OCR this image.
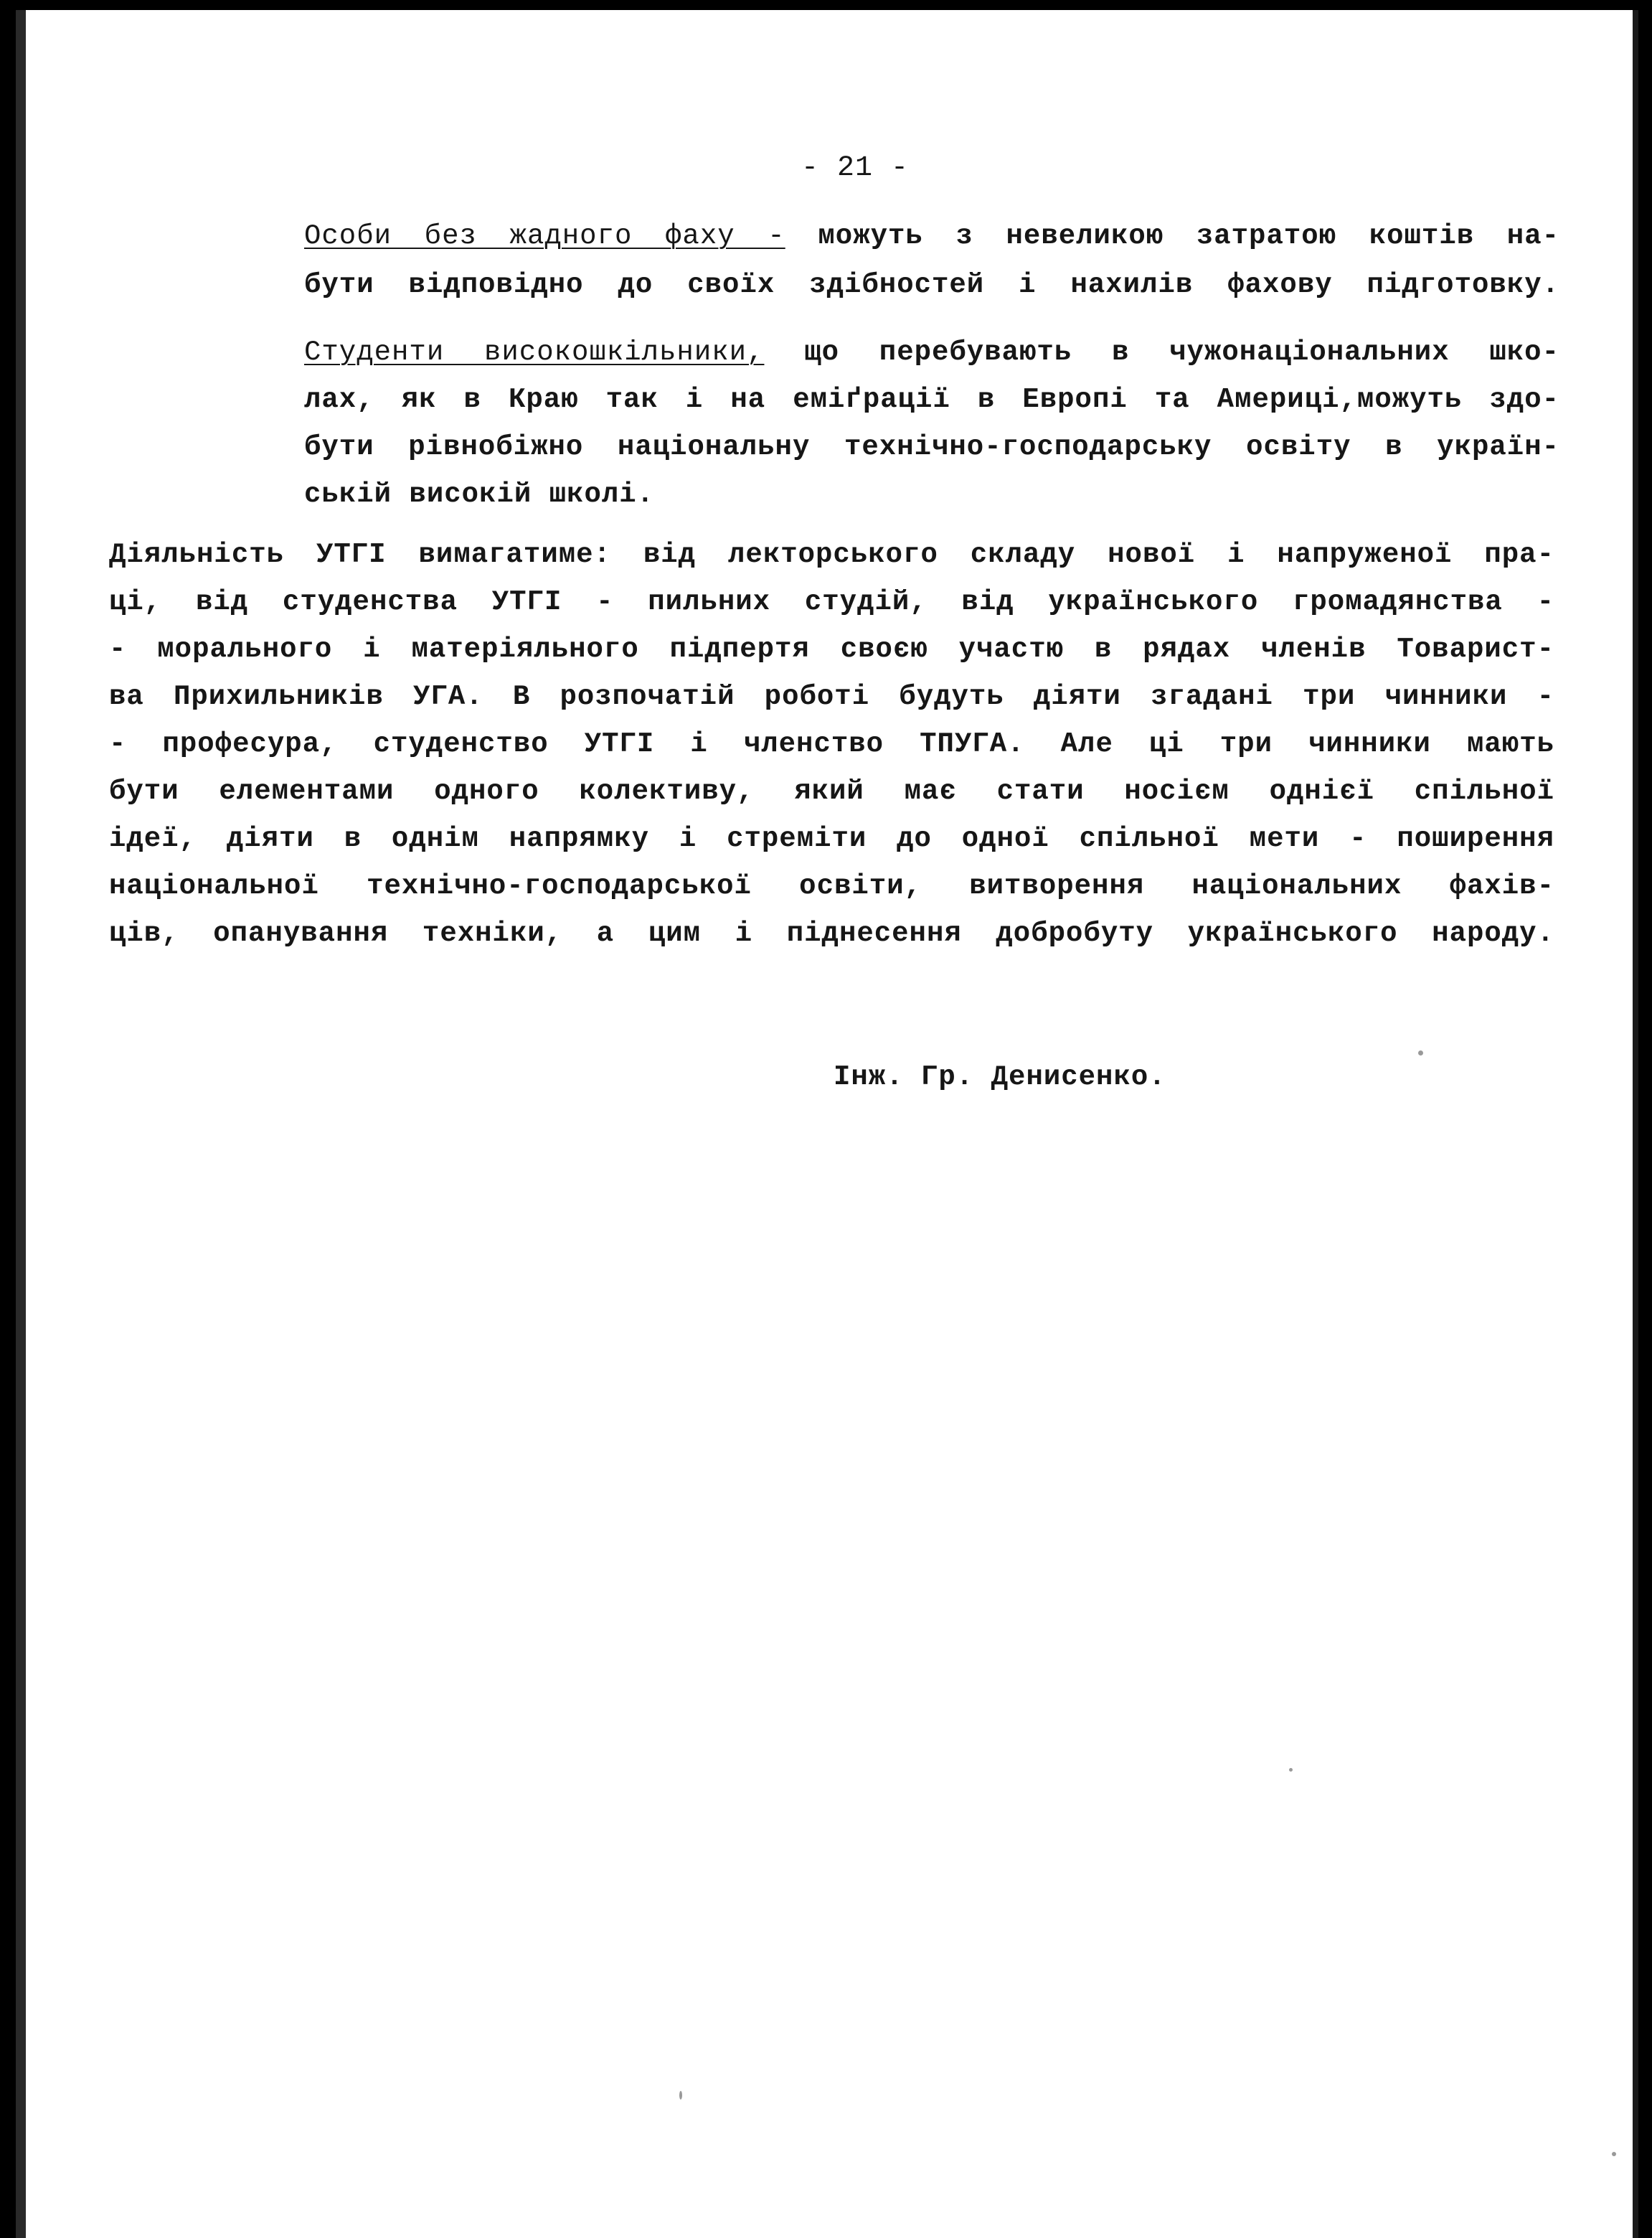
- 21 -
Особи без жадного фаху - можуть з невеликою затратою коштів на-
бути відповідно до своїх здібностей і нахилів фахову підготовку.
Студенти високошкільники, що перебувають в чужонаціональних шко-
лах, як в Краю так і на еміґрації в Европі та Америці,можуть здо-
бути рівнобіжно національну технічно-господарську освіту в україн-
ській високій школі.
Діяльність УТГІ вимагатиме: від лекторського складу нової і напруженої пра-
ці, від студенства УТГІ - пильних студій, від українського громадянства -
- морального і матеріяльного підпертя своєю участю в рядах членів Товарист-
ва Прихильників УГА. В розпочатій роботі будуть діяти згадані три чинники -
- професура, студенство УТГІ і членство ТПУГА. Але ці три чинники мають
бути елементами одного колективу, який має стати носієм однієї спільної
ідеї, діяти в однім напрямку і стреміти до одної спільної мети - поширення
національної технічно-господарської освіти, витворення національних фахів-
ців, опанування техніки, а цим і піднесення добробуту українського народу.
Інж. Гр. Денисенко.
